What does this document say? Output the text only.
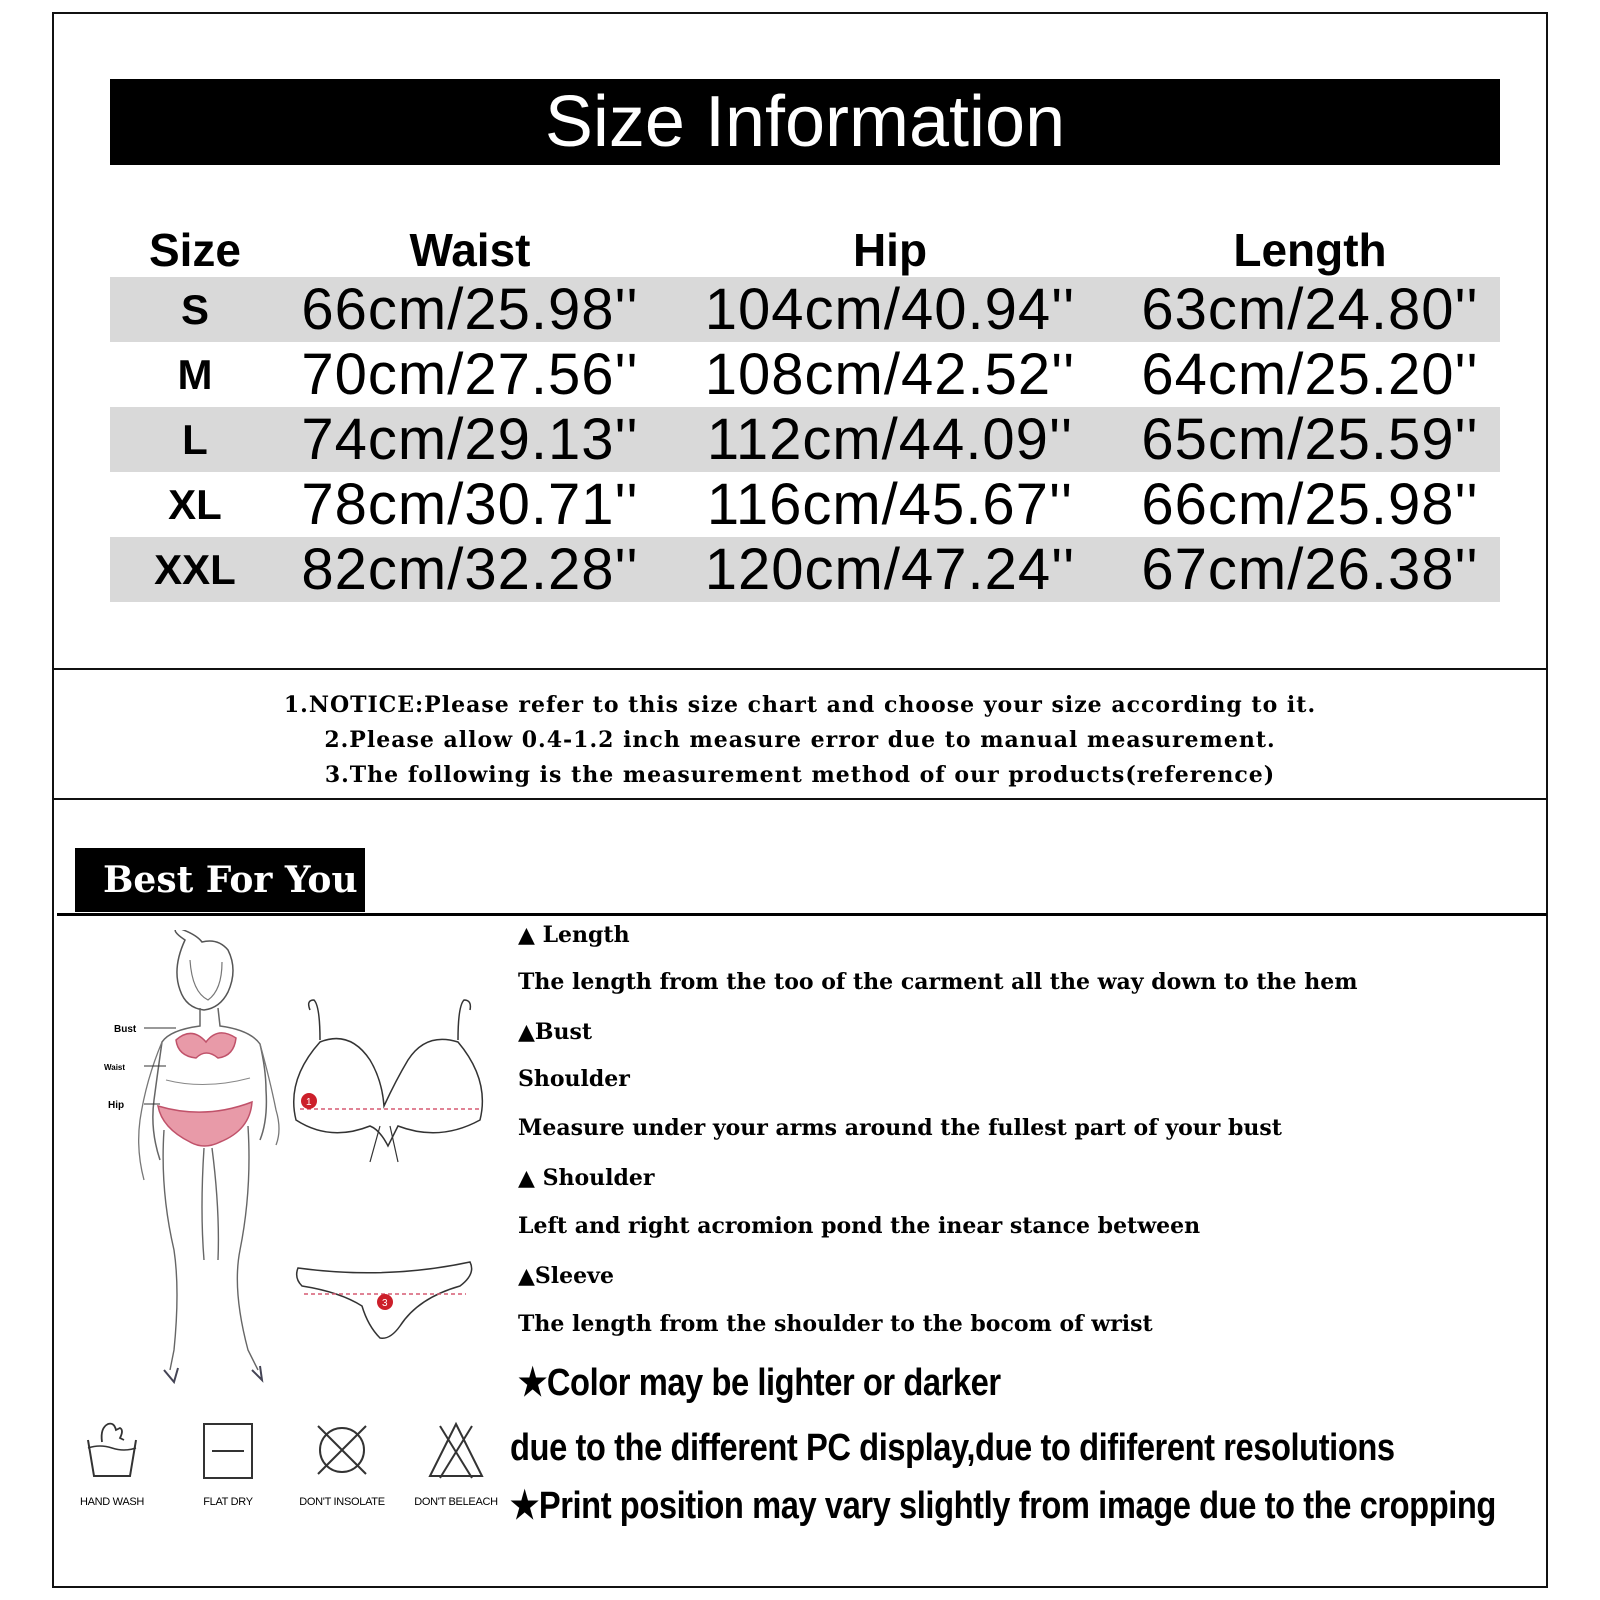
Size Information
Size	Waist	Hip	Length
S	66cm/25.98''	104cm/40.94''	63cm/24.80''
M	70cm/27.56''	108cm/42.52''	64cm/25.20''
L	74cm/29.13''	112cm/44.09''	65cm/25.59''
XL	78cm/30.71''	116cm/45.67''	66cm/25.98''
XXL	82cm/32.28''	120cm/47.24''	67cm/26.38''
1.NOTICE:Please refer to this size chart and choose your size according to it.
2.Please allow 0.4-1.2 inch measure error due to manual measurement.
3.The following is the measurement method of our products(reference)
Best For You
Bust
Waist
Hip	1
3
▲ Length
The length from the too of the carment all the way down to the hem
▲Bust
Shoulder
Measure under your arms around the fullest part of your bust
▲ Shoulder
Left and right acromion pond the inear stance between
▲Sleeve
The length from the shoulder to the bocom of wrist
★Color may be lighter or darker
due to the different PC display,due to dififerent resolutions
★Print position may vary slightly from image due to the cropping
HAND WASH	FLAT DRY	DON'T INSOLATE	DON'T BELEACH
